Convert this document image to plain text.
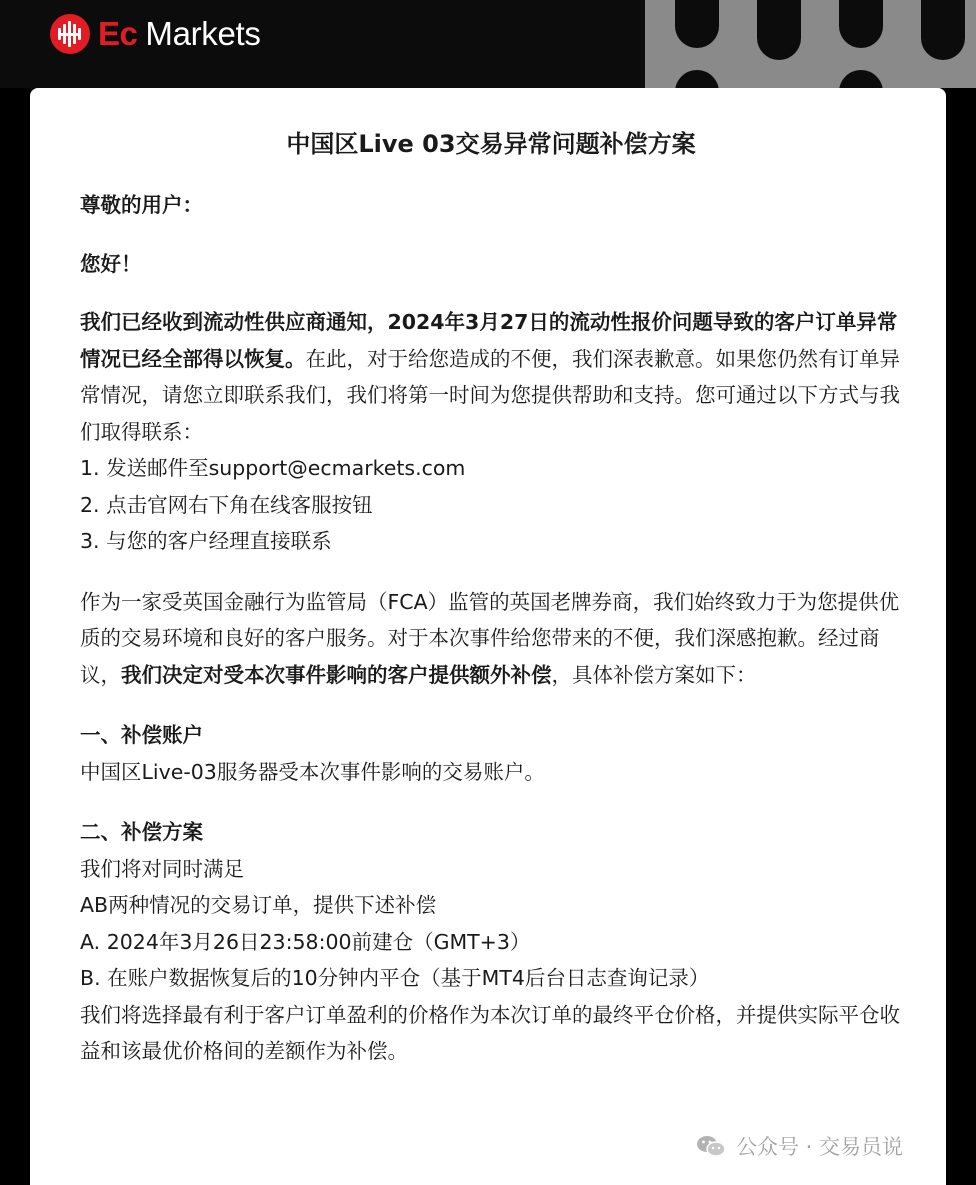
Ec Markets
中国区Live 03交易异常问题补偿方案

尊敬的用户：

您好！

我们已经收到流动性供应商通知，2024年3月27日的流动性报价问题导致的客户订单异常情况已经全部得以恢复。在此，对于给您造成的不便，我们深表歉意。如果您仍然有订单异常情况，请您立即联系我们，我们将第一时间为您提供帮助和支持。您可通过以下方式与我们取得联系：

1. 发送邮件至support@ecmarkets.com

2. 点击官网右下角在线客服按钮

3. 与您的客户经理直接联系

作为一家受英国金融行为监管局（FCA）监管的英国老牌券商，我们始终致力于为您提供优质的交易环境和良好的客户服务。对于本次事件给您带来的不便，我们深感抱歉。经过商议，我们决定对受本次事件影响的客户提供额外补偿，具体补偿方案如下：

一、补偿账户

中国区Live-03服务器受本次事件影响的交易账户。

二、补偿方案

我们将对同时满足

AB两种情况的交易订单，提供下述补偿

A. 2024年3月26日23:58:00前建仓（GMT+3）

B. 在账户数据恢复后的10分钟内平仓（基于MT4后台日志查询记录）

我们将选择最有利于客户订单盈利的价格作为本次订单的最终平仓价格，并提供实际平仓收益和该最优价格间的差额作为补偿。

公众号 · 交易员说
